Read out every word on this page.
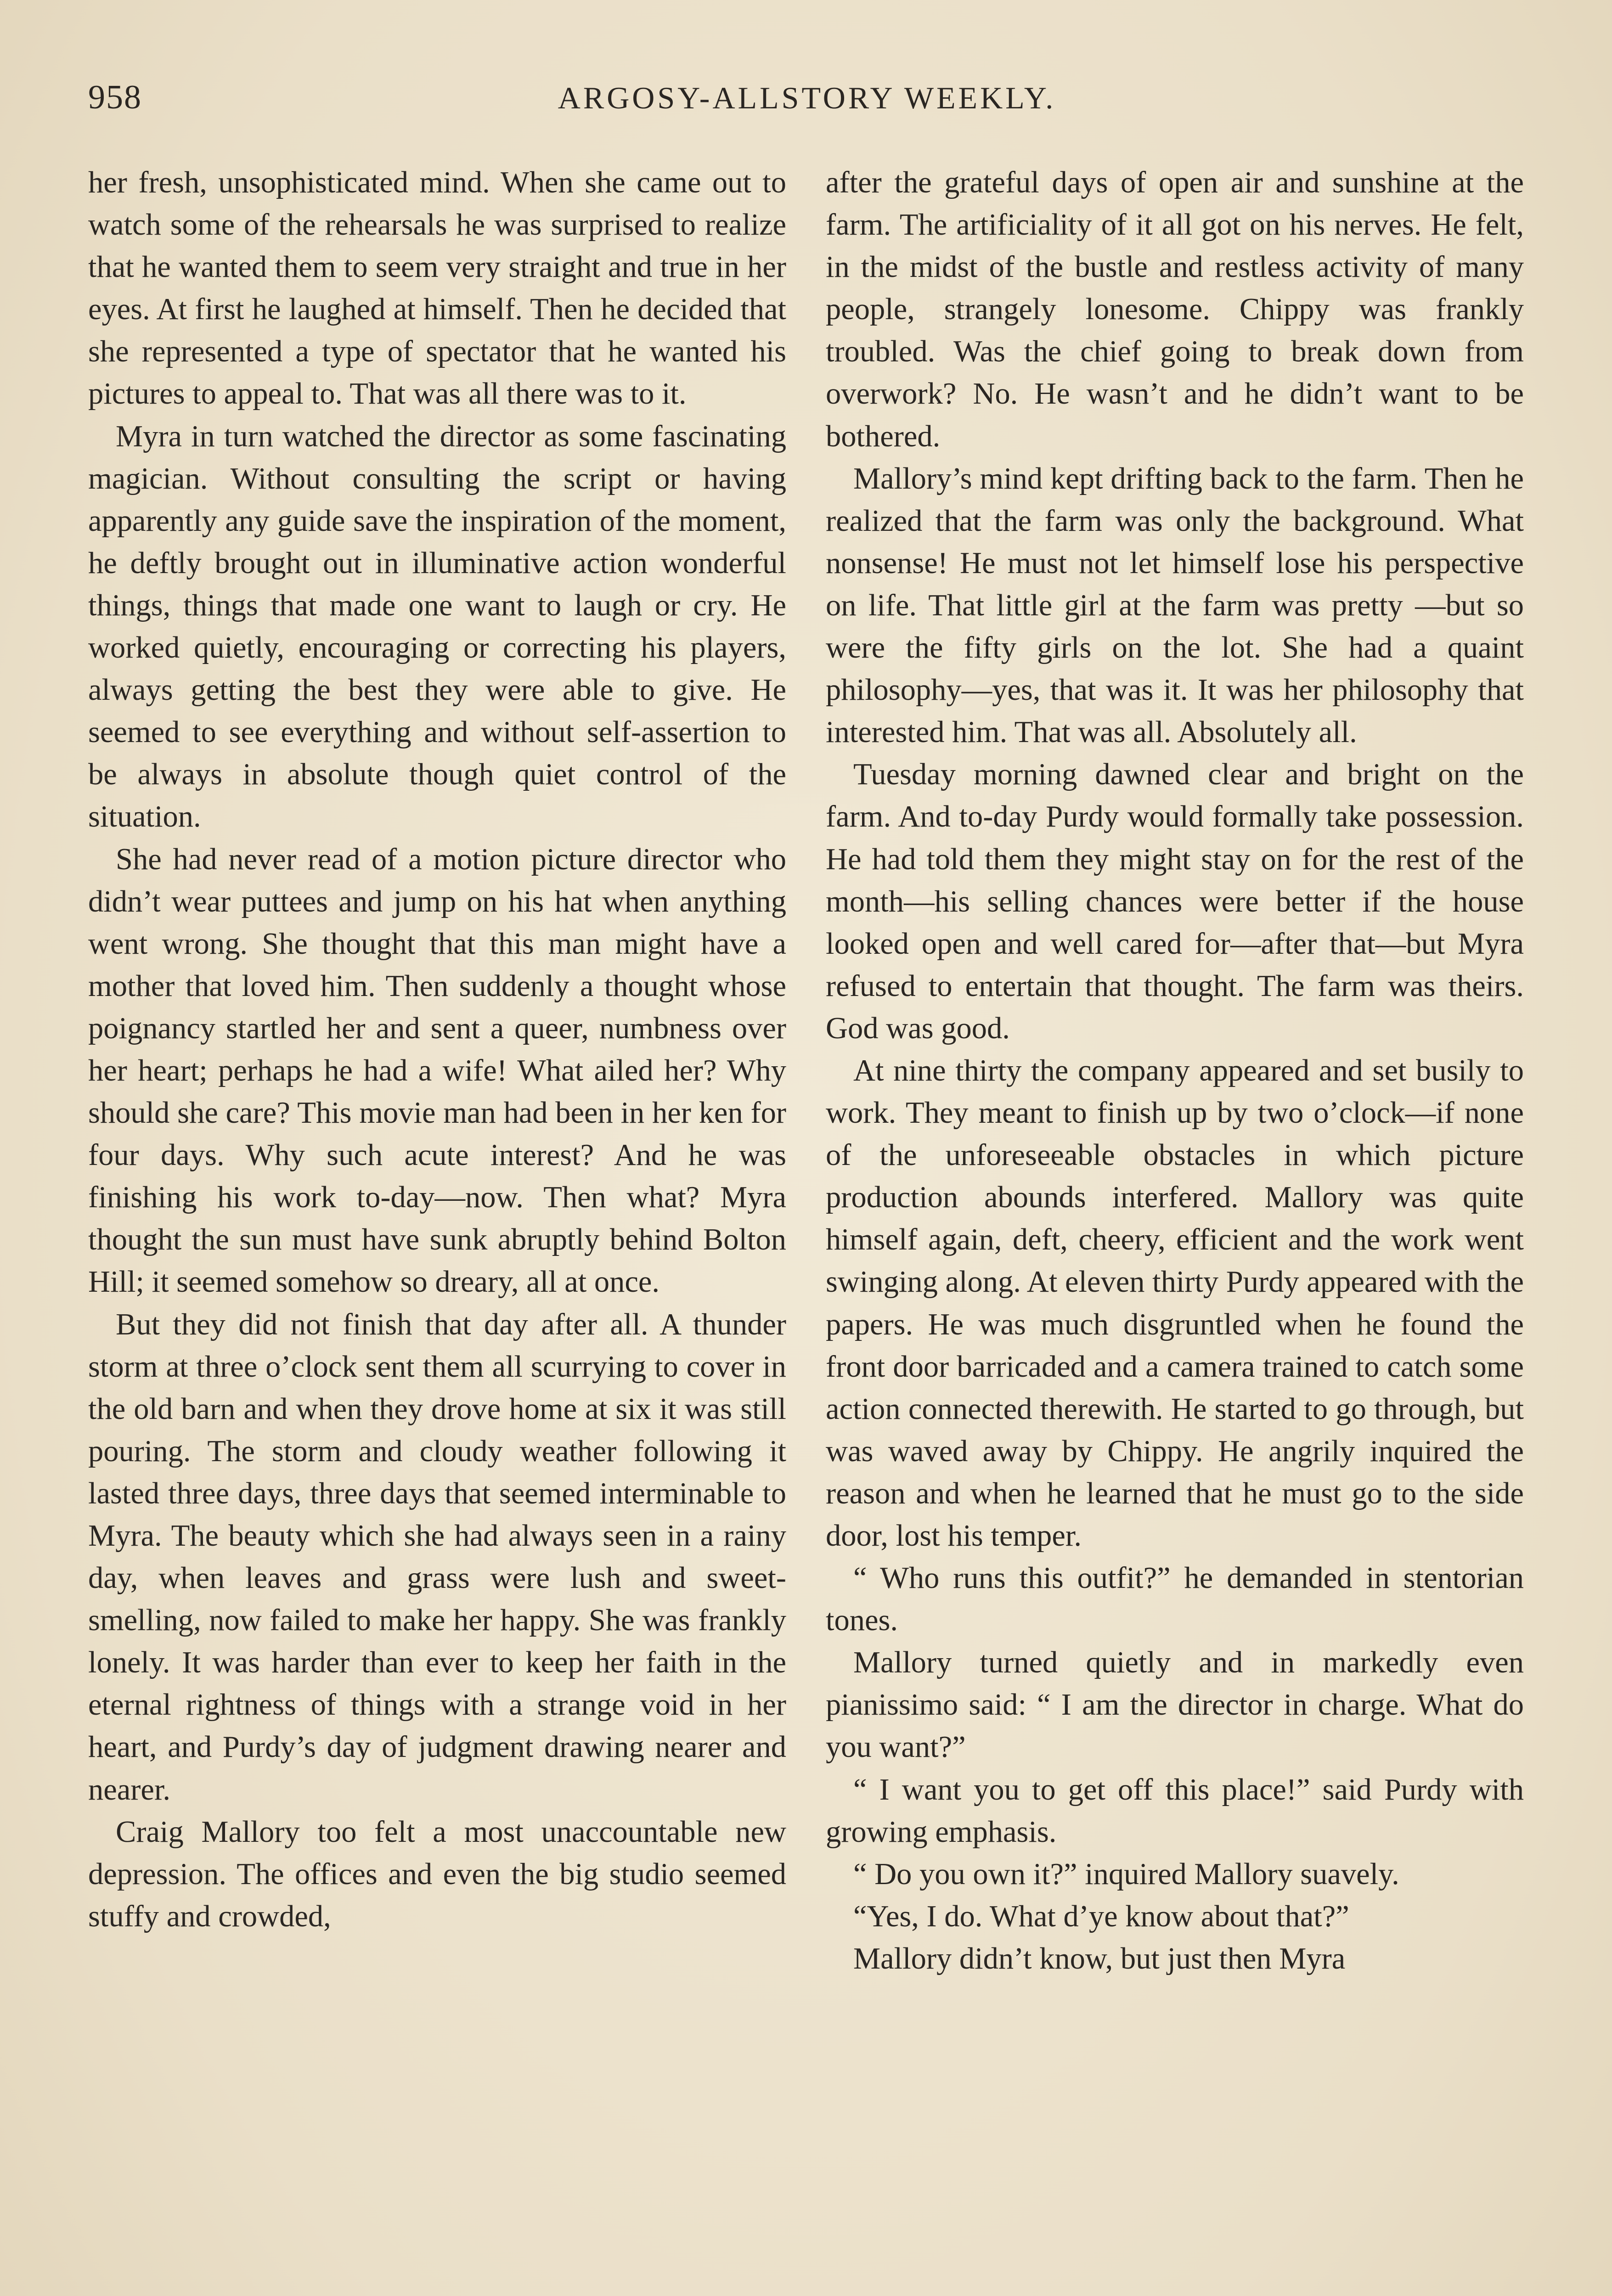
958	ARGOSY-ALLSTORY WEEKLY.

her fresh, unsophisticated mind. When she came out to watch some of the rehearsals he was surprised to realize that he wanted them to seem very straight and true in her eyes. At first he laughed at himself. Then he decided that she represented a type of spectator that he wanted his pictures to appeal to. That was all there was to it.

Myra in turn watched the director as some fascinating magician. Without consulting the script or having apparently any guide save the inspiration of the moment, he deftly brought out in illuminative action wonderful things, things that made one want to laugh or cry. He worked quietly, encouraging or correcting his players, always getting the best they were able to give. He seemed to see everything and without self-assertion to be always in absolute though quiet control of the situation.

She had never read of a motion picture director who didn’t wear puttees and jump on his hat when anything went wrong. She thought that this man might have a mother that loved him. Then suddenly a thought whose poignancy startled her and sent a queer, numbness over her heart; perhaps he had a wife! What ailed her? Why should she care? This movie man had been in her ken for four days. Why such acute interest? And he was finishing his work to-day—now. Then what? Myra thought the sun must have sunk abruptly behind Bolton Hill; it seemed somehow so dreary, all at once.

But they did not finish that day after all. A thunder storm at three o’clock sent them all scurrying to cover in the old barn and when they drove home at six it was still pouring. The storm and cloudy weather following it lasted three days, three days that seemed interminable to Myra. The beauty which she had always seen in a rainy day, when leaves and grass were lush and sweet-smelling, now failed to make her happy. She was frankly lonely. It was harder than ever to keep her faith in the eternal rightness of things with a strange void in her heart, and Purdy’s day of judgment drawing nearer and nearer.

Craig Mallory too felt a most unaccountable new depression. The offices and even the big studio seemed stuffy and crowded,

after the grateful days of open air and sunshine at the farm. The artificiality of it all got on his nerves. He felt, in the midst of the bustle and restless activity of many people, strangely lonesome. Chippy was frankly troubled. Was the chief going to break down from overwork? No. He wasn’t and he didn’t want to be bothered.

Mallory’s mind kept drifting back to the farm. Then he realized that the farm was only the background. What nonsense! He must not let himself lose his perspective on life. That little girl at the farm was pretty —but so were the fifty girls on the lot. She had a quaint philosophy—yes, that was it. It was her philosophy that interested him. That was all. Absolutely all.

Tuesday morning dawned clear and bright on the farm. And to-day Purdy would formally take possession. He had told them they might stay on for the rest of the month—his selling chances were better if the house looked open and well cared for—after that—but Myra refused to entertain that thought. The farm was theirs. God was good.

At nine thirty the company appeared and set busily to work. They meant to finish up by two o’clock—if none of the unforeseeable obstacles in which picture production abounds interfered. Mallory was quite himself again, deft, cheery, efficient and the work went swinging along. At eleven thirty Purdy appeared with the papers. He was much disgruntled when he found the front door barricaded and a camera trained to catch some action connected therewith. He started to go through, but was waved away by Chippy. He angrily inquired the reason and when he learned that he must go to the side door, lost his temper.

“ Who runs this outfit?” he demanded in stentorian tones.

Mallory turned quietly and in markedly even pianissimo said: “ I am the director in charge. What do you want?”

“ I want you to get off this place!” said Purdy with growing emphasis.

“ Do you own it?” inquired Mallory suavely.

“Yes, I do. What d’ye know about that?”

Mallory didn’t know, but just then Myra
